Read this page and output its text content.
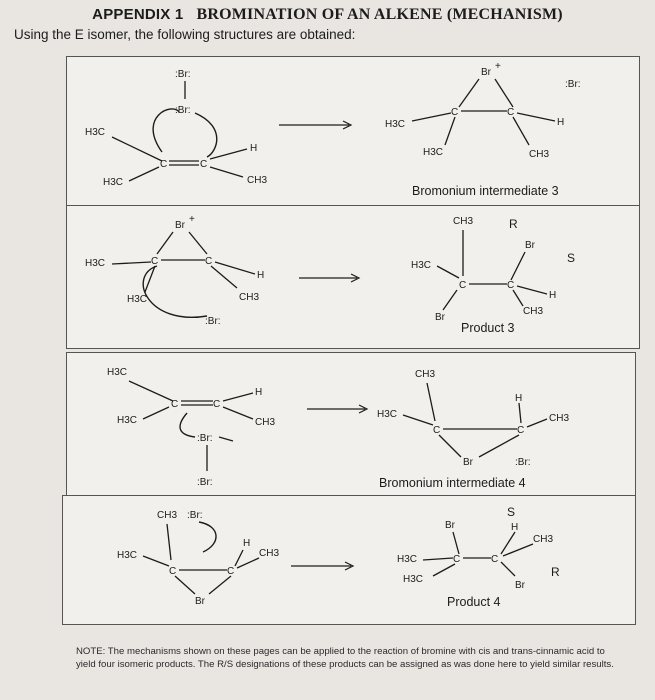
APPENDIX 1 BROMINATION OF AN ALKENE (MECHANISM)
Using the E isomer, the following structures are obtained:
:Br:
:Br:
H3C
C	C
H
CH3
H3C
Br
+
C	C
H3C
H3C
H
CH3
:Br:
Bromonium intermediate 3
Br
+
C	C
H3C
H3C
H
CH3
:Br:
CH3	R
H3C
C	C
Br
Br
S
H
CH3
Product 3
H3C
C	C
H
CH3
H3C
:Br:
:Br:
CH3
H3C
C	C
Br
H
CH3
:Br:
Bromonium intermediate 4
CH3 :Br:
H3C
C	C
Br
H
CH3
S
Br
H3C	C	C
H3C
H
CH3
Br
R
Product 4
NOTE: The mechanisms shown on these pages can be applied to the reaction of bromine with cis and trans-cinnamic acid to yield four isomeric products. The R/S designations of these products can be assigned as was done here to yield similar results.
